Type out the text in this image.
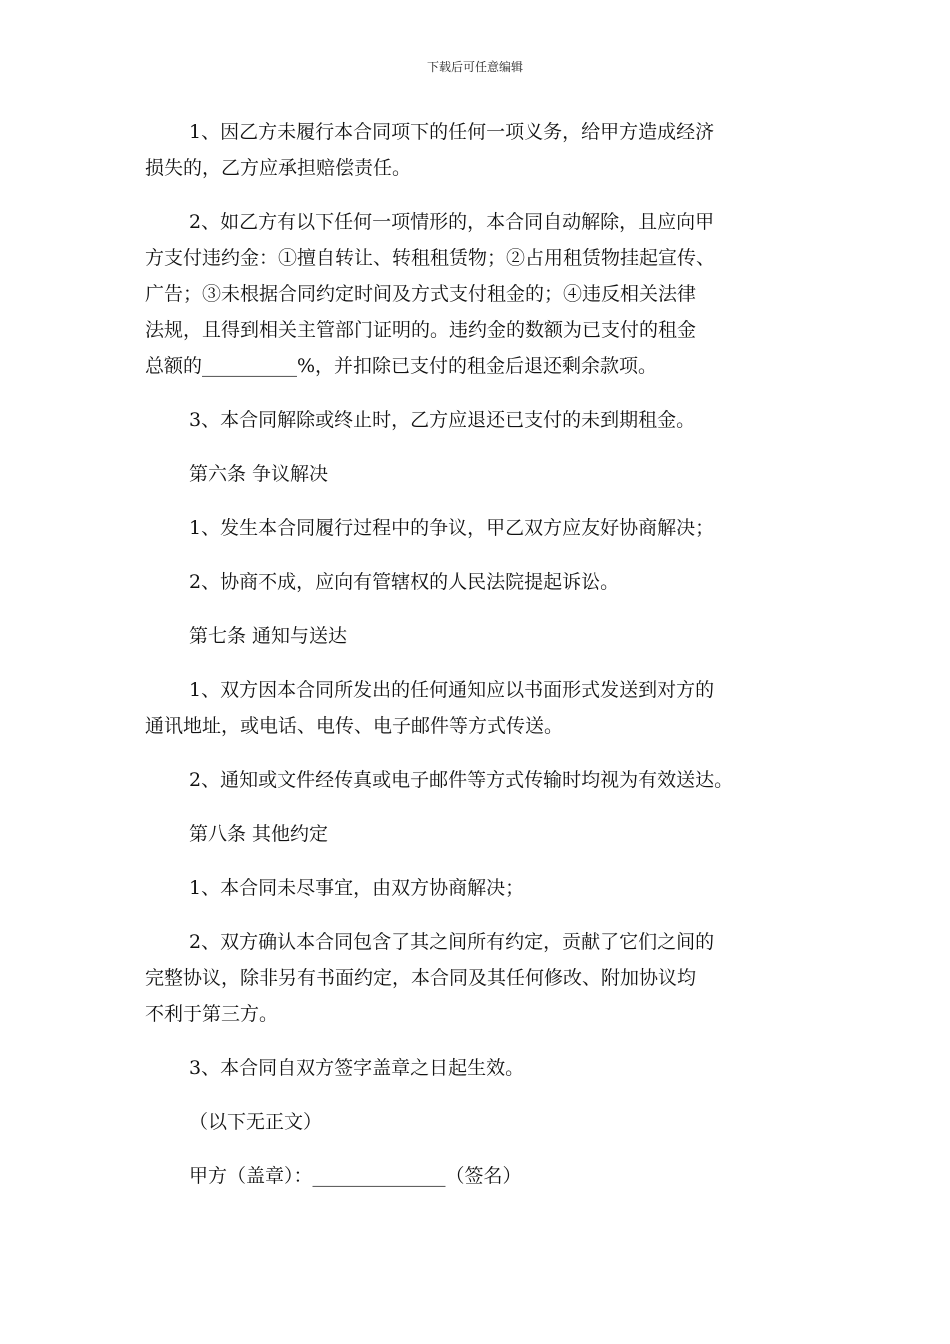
下载后可任意编辑
1、因乙方未履行本合同项下的任何一项义务，给甲方造成经济
损失的，乙方应承担赔偿责任。
2、如乙方有以下任何一项情形的，本合同自动解除，且应向甲
方支付违约金：①擅自转让、转租租赁物；②占用租赁物挂起宣传、
广告；③未根据合同约定时间及方式支付租金的；④违反相关法律
法规，且得到相关主管部门证明的。违约金的数额为已支付的租金
总额的__________%，并扣除已支付的租金后退还剩余款项。
3、本合同解除或终止时，乙方应退还已支付的未到期租金。
第六条 争议解决
1、发生本合同履行过程中的争议，甲乙双方应友好协商解决；
2、协商不成，应向有管辖权的人民法院提起诉讼。
第七条 通知与送达
1、双方因本合同所发出的任何通知应以书面形式发送到对方的
通讯地址，或电话、电传、电子邮件等方式传送。
2、通知或文件经传真或电子邮件等方式传输时均视为有效送达。
第八条 其他约定
1、本合同未尽事宜，由双方协商解决；
2、双方确认本合同包含了其之间所有约定，贡献了它们之间的
完整协议，除非另有书面约定，本合同及其任何修改、附加协议均
不利于第三方。
3、本合同自双方签字盖章之日起生效。
（以下无正文）
甲方（盖章）：______________（签名）
